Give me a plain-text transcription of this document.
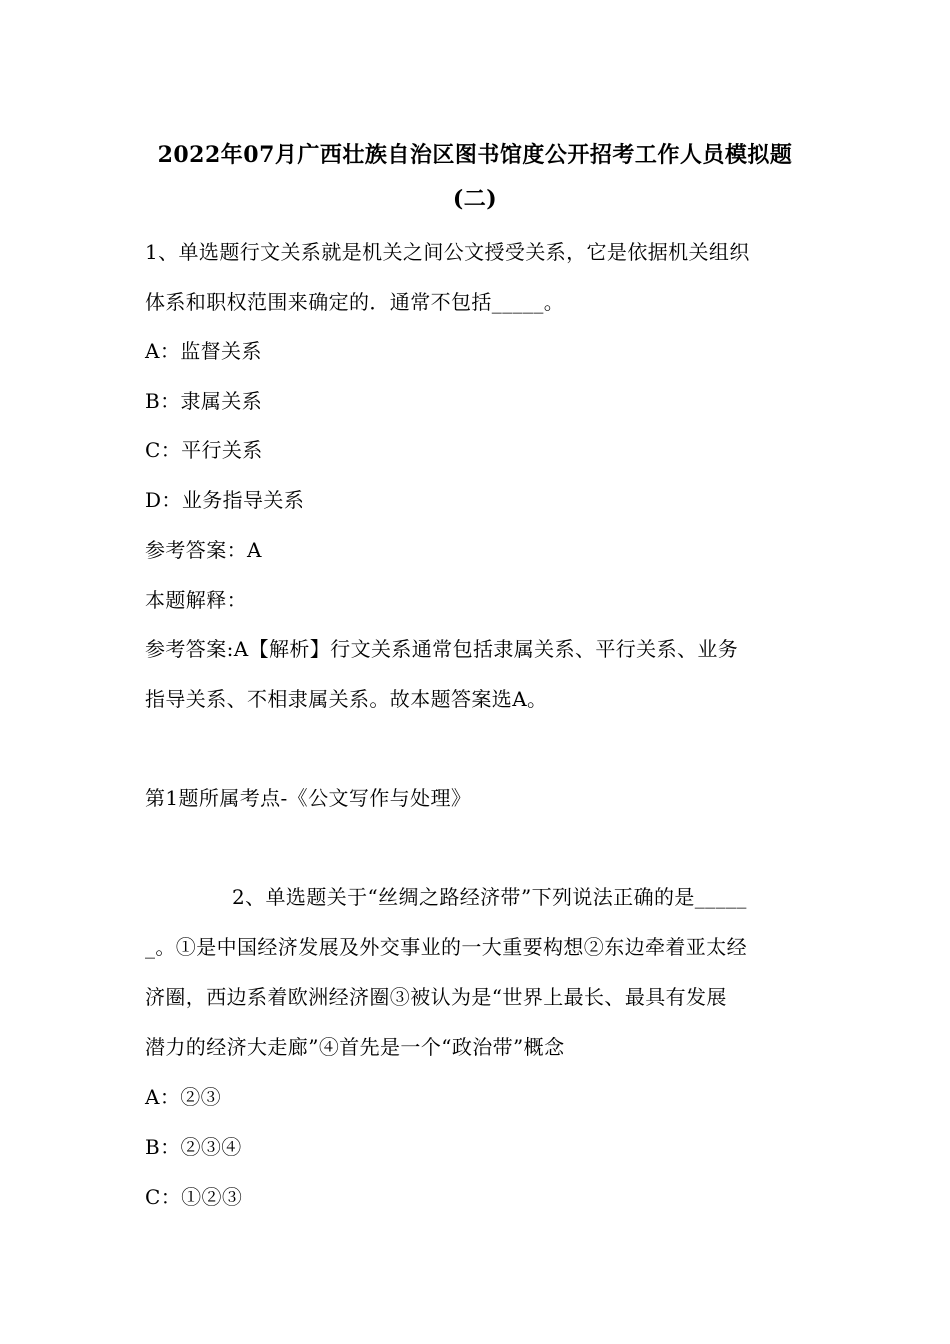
2022年07月广西壮族自治区图书馆度公开招考工作人员模拟题
(二)
1、单选题行文关系就是机关之间公文授受关系，它是依据机关组织
体系和职权范围来确定的．通常不包括_____。
A：监督关系
B：隶属关系
C：平行关系
D：业务指导关系
参考答案：A
本题解释：
参考答案:A【解析】行文关系通常包括隶属关系、平行关系、业务
指导关系、不相隶属关系。故本题答案选A。
第1题所属考点-《公文写作与处理》
2、单选题关于“丝绸之路经济带”下列说法正确的是_____
_。①是中国经济发展及外交事业的一大重要构想②东边牵着亚太经
济圈，西边系着欧洲经济圈③被认为是“世界上最长、最具有发展
潜力的经济大走廊”④首先是一个“政治带”概念
A：②③
B：②③④
C：①②③
